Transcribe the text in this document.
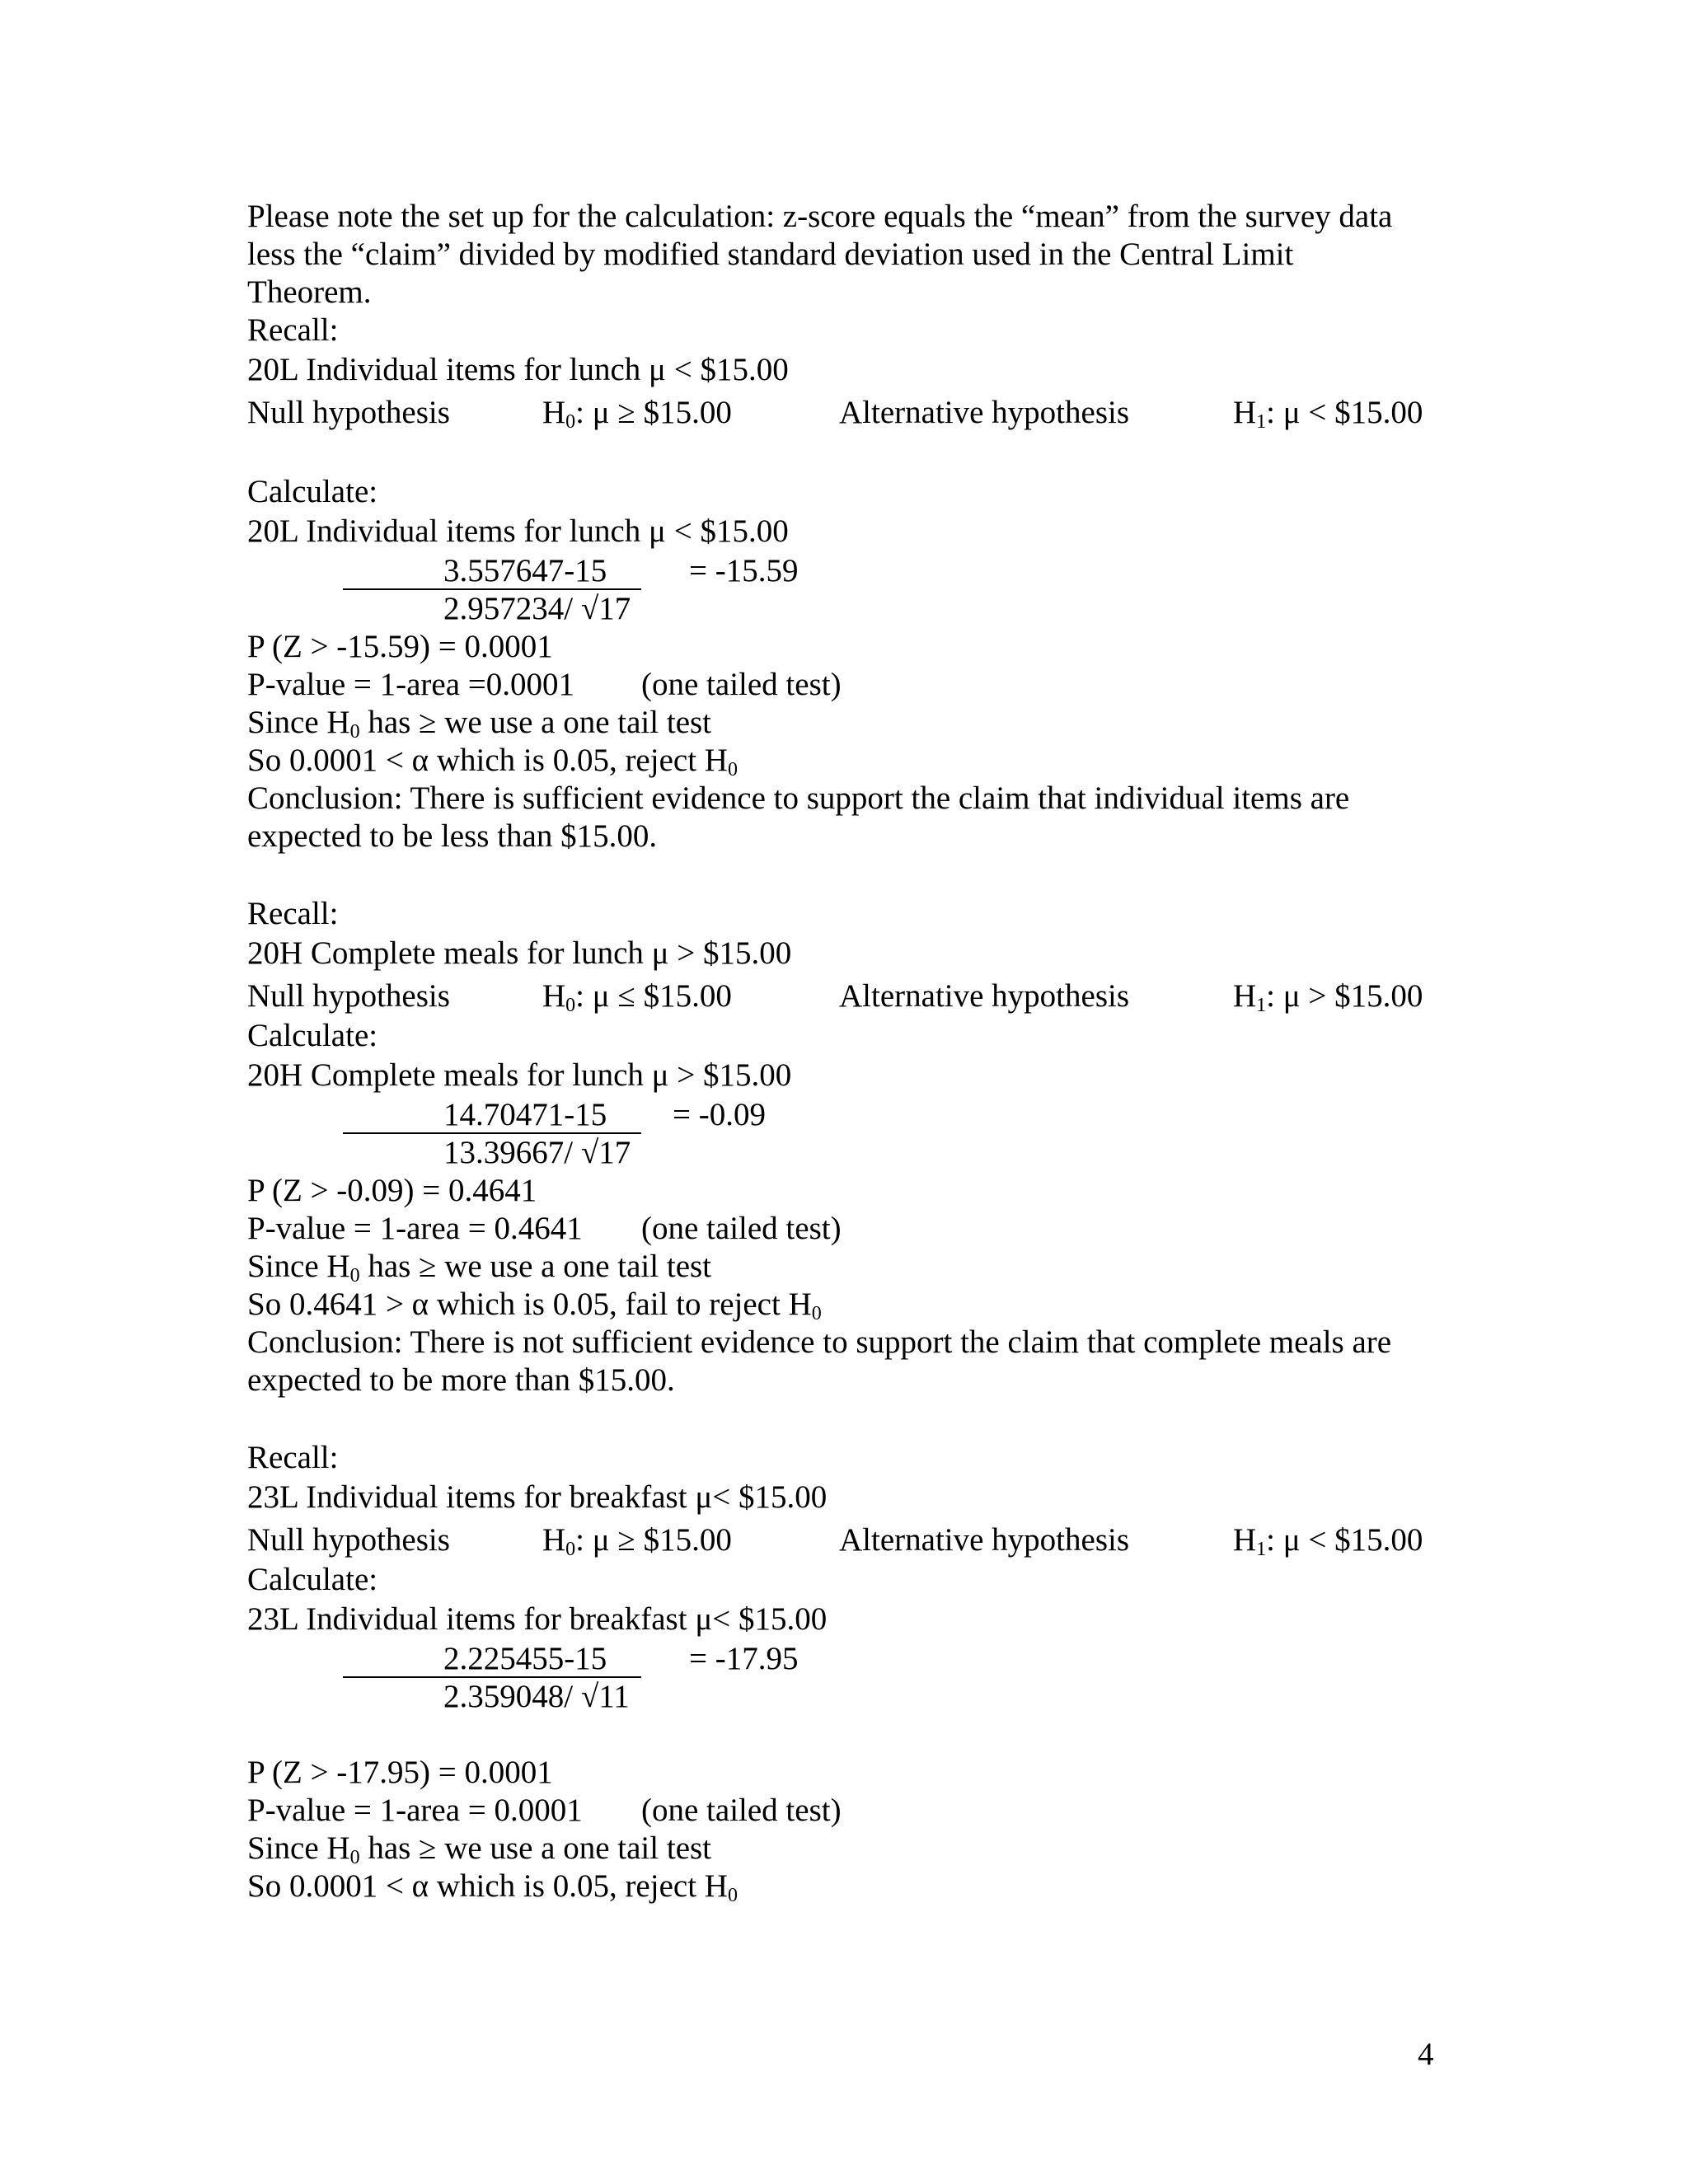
Please note the set up for the calculation: z-score equals the “mean” from the survey data
less the “claim” divided by modified standard deviation used in the Central Limit
Theorem.
Recall:
20L Individual items for lunch μ < $15.00
Null hypothesis	$H_0$: μ ≥ $15.00	Alternative hypothesis	$H_1$: μ < $15.00
Calculate:
20L Individual items for lunch μ < $15.00
3.557647-15	= -15.59
2.957234/ √17
P (Z > -15.59) = 0.0001
P-value = 1-area =0.0001 (one tailed test)
Since $H_0$ has ≥ we use a one tail test
So 0.0001 < α which is 0.05, reject $H_0$
Conclusion: There is sufficient evidence to support the claim that individual items are
expected to be less than $15.00.
Recall:
20H Complete meals for lunch μ > $15.00
Null hypothesis	$H_0$: μ ≤ $15.00	Alternative hypothesis	$H_1$: μ > $15.00
Calculate:
20H Complete meals for lunch μ > $15.00
14.70471-15 = -0.09
13.39667/ √17
P (Z > -0.09) = 0.4641
P-value = 1-area = 0.4641 (one tailed test)
Since $H_0$ has ≥ we use a one tail test
So 0.4641 > α which is 0.05, fail to reject $H_0$
Conclusion: There is not sufficient evidence to support the claim that complete meals are
expected to be more than $15.00.
Recall:
23L Individual items for breakfast μ< $15.00
Null hypothesis	$H_0$: μ ≥ $15.00	Alternative hypothesis	$H_1$: μ < $15.00
Calculate:
23L Individual items for breakfast μ< $15.00
2.225455-15	= -17.95
2.359048/ √11
P (Z > -17.95) = 0.0001
P-value = 1-area = 0.0001 (one tailed test)
Since $H_0$ has ≥ we use a one tail test
So 0.0001 < α which is 0.05, reject $H_0$
4
